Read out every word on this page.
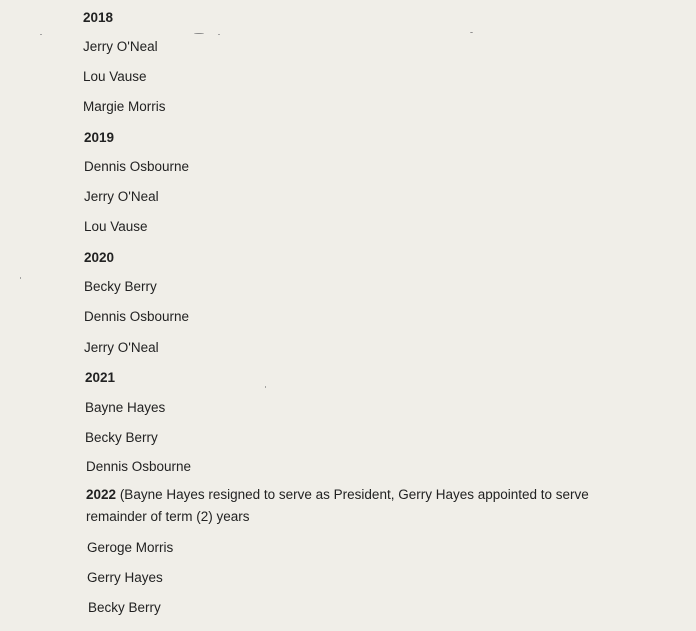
2018
Jerry O'Neal
Lou Vause
Margie Morris
2019
Dennis Osbourne
Jerry O'Neal
Lou Vause
2020
Becky Berry
Dennis Osbourne
Jerry O'Neal
2021
Bayne Hayes
Becky Berry
Dennis Osbourne
2022 (Bayne Hayes resigned to serve as President, Gerry Hayes appointed to serve
remainder of term (2) years
Geroge Morris
Gerry Hayes
Becky Berry
